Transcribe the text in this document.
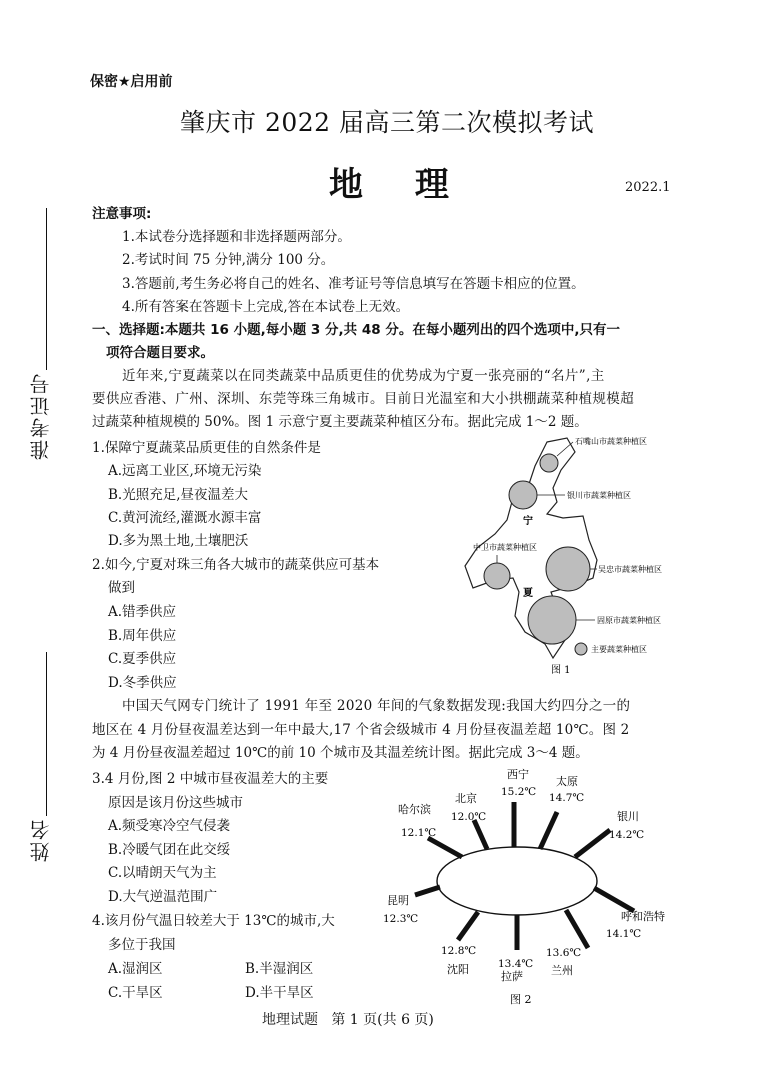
保密★启用前
肇庆市 2022 届高三第二次模拟考试
地 理	2022.1
准考证号
姓名
注意事项:
1.本试卷分选择题和非选择题两部分。
2.考试时间 75 分钟,满分 100 分。
3.答题前,考生务必将自己的姓名、准考证号等信息填写在答题卡相应的位置。
4.所有答案在答题卡上完成,答在本试卷上无效。
一、选择题:本题共 16 小题,每小题 3 分,共 48 分。在每小题列出的四个选项中,只有一
项符合题目要求。
近年来,宁夏蔬菜以在同类蔬菜中品质更佳的优势成为宁夏一张亮丽的“名片”,主
要供应香港、广州、深圳、东莞等珠三角城市。目前日光温室和大小拱棚蔬菜种植规模超
过蔬菜种植规模的 50%。图 1 示意宁夏主要蔬菜种植区分布。据此完成 1～2 题。
1.保障宁夏蔬菜品质更佳的自然条件是
A.远离工业区,环境无污染
B.光照充足,昼夜温差大
C.黄河流经,灌溉水源丰富
D.多为黑土地,土壤肥沃
2.如今,宁夏对珠三角各大城市的蔬菜供应可基本
做到
A.错季供应
B.周年供应
C.夏季供应
D.冬季供应
石嘴山市蔬菜种植区
银川市蔬菜种植区
中卫市蔬菜种植区
吴忠市蔬菜种植区
固原市蔬菜种植区
宁
夏
主要蔬菜种植区
图 1
中国天气网专门统计了 1991 年至 2020 年间的气象数据发现:我国大约四分之一的
地区在 4 月份昼夜温差达到一年中最大,17 个省会级城市 4 月份昼夜温差超 10℃。图 2
为 4 月份昼夜温差超过 10℃的前 10 个城市及其温差统计图。据此完成 3～4 题。
3.4 月份,图 2 中城市昼夜温差大的主要
原因是该月份这些城市
A.频受寒冷空气侵袭
B.冷暖气团在此交绥
C.以晴朗天气为主
D.大气逆温范围广
4.该月份气温日较差大于 13℃的城市,大
多位于我国
A.湿润区	B.半湿润区
C.干旱区	D.半干旱区
西宁
15.2℃
太原
14.7℃
银川
14.2℃
呼和浩特
14.1℃
兰州
13.6℃
拉萨
13.4℃
沈阳
12.8℃
昆明
12.3℃
哈尔滨
12.1℃
北京
12.0℃
图 2
地理试题   第 1 页(共 6 页)
